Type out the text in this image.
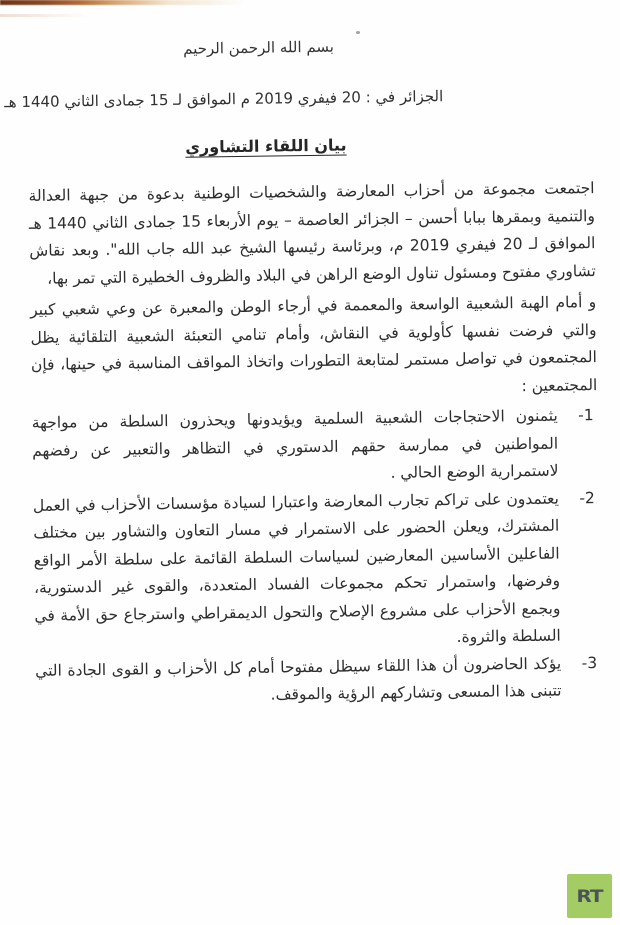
بسم الله الرحمن الرحيم
الجزائر في : 20 فيفري 2019 م الموافق لـ 15 جمادى الثاني 1440 هـ
بيان اللقاء التشاوري

اجتمعت مجموعة من أحزاب المعارضة والشخصيات الوطنية بدعوة من جبهة العدالة والتنمية وبمقرها ببابا أحسن – الجزائر العاصمة – يوم الأربعاء 15 جمادى الثاني 1440 هـ الموافق لـ 20 فيفري 2019 م، وبرئاسة رئيسها الشيخ عبد الله جاب الله". وبعد نقاش تشاوري مفتوح ومسئول تناول الوضع الراهن في البلاد والظروف الخطيرة التي تمر بها،

و أمام الهبة الشعبية الواسعة والمعممة في أرجاء الوطن والمعبرة عن وعي شعبي كبير والتي فرضت نفسها كأولوية في النقاش، وأمام تنامي التعبئة الشعبية التلقائية يظل المجتمعون في تواصل مستمر لمتابعة التطورات واتخاذ المواقف المناسبة في حينها، فإن المجتمعين :

1-
يثمنون الاحتجاجات الشعبية السلمية ويؤيدونها ويحذرون السلطة من مواجهة المواطنين في ممارسة حقهم الدستوري في التظاهر والتعبير عن رفضهم لاستمرارية الوضع الحالي .
2-
يعتمدون على تراكم تجارب المعارضة واعتبارا لسيادة مؤسسات الأحزاب في العمل المشترك، ويعلن الحضور على الاستمرار في مسار التعاون والتشاور بين مختلف الفاعلين الأساسين المعارضين لسياسات السلطة القائمة على سلطة الأمر الواقع وفرضها، واستمرار تحكم مجموعات الفساد المتعددة، والقوى غير الدستورية، وبجمع الأحزاب على مشروع الإصلاح والتحول الديمقراطي واسترجاع حق الأمة في السلطة والثروة.
3-
يؤكد الحاضرون أن هذا اللقاء سيظل مفتوحا أمام كل الأحزاب و القوى الجادة التي تتبنى هذا المسعى وتشاركهم الرؤية والموقف.
RT
